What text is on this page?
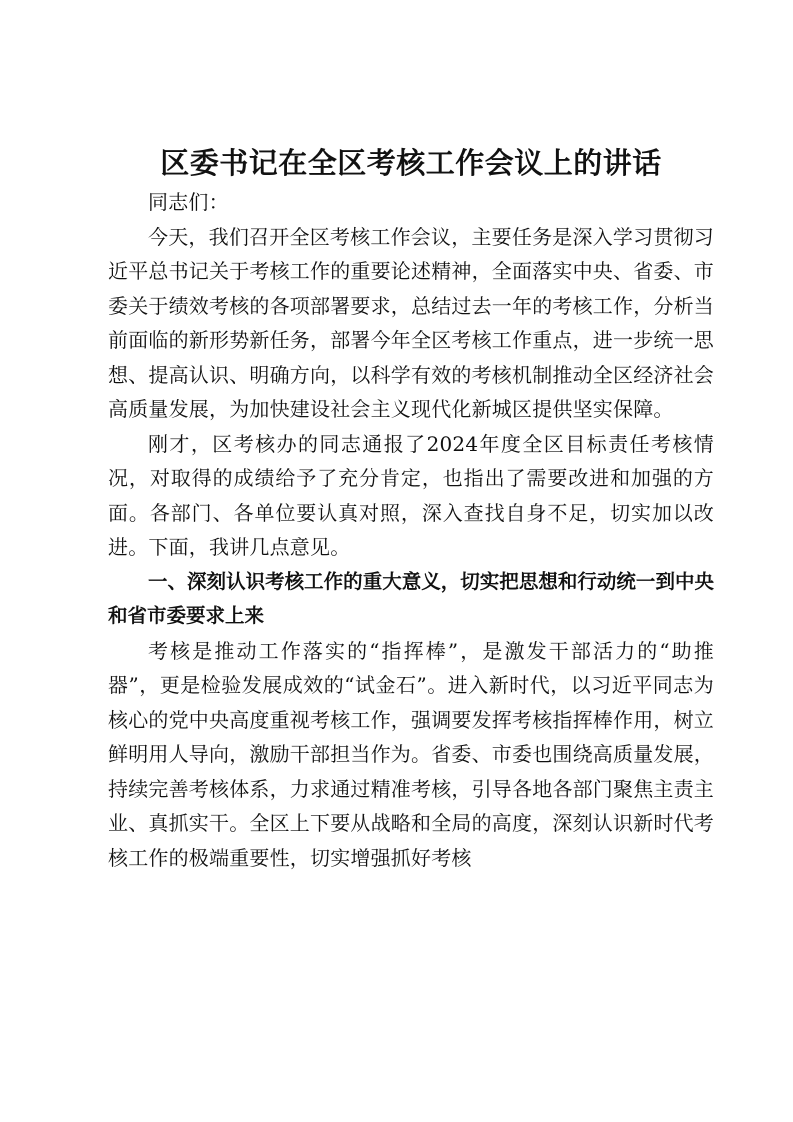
区委书记在全区考核工作会议上的讲话

同志们：

今天，我们召开全区考核工作会议，主要任务是深入学习贯彻习近平总书记关于考核工作的重要论述精神，全面落实中央、省委、市委关于绩效考核的各项部署要求，总结过去一年的考核工作，分析当前面临的新形势新任务，部署今年全区考核工作重点，进一步统一思想、提高认识、明确方向，以科学有效的考核机制推动全区经济社会高质量发展，为加快建设社会主义现代化新城区提供坚实保障。

刚才，区考核办的同志通报了2024年度全区目标责任考核情况，对取得的成绩给予了充分肯定，也指出了需要改进和加强的方面。各部门、各单位要认真对照，深入查找自身不足，切实加以改进。下面，我讲几点意见。

一、深刻认识考核工作的重大意义，切实把思想和行动统一到中央和省市委要求上来

考核是推动工作落实的“指挥棒”，是激发干部活力的“助推器”，更是检验发展成效的“试金石”。进入新时代，以习近平同志为核心的党中央高度重视考核工作，强调要发挥考核指挥棒作用，树立鲜明用人导向，激励干部担当作为。省委、市委也围绕高质量发展，持续完善考核体系，力求通过精准考核，引导各地各部门聚焦主责主业、真抓实干。全区上下要从战略和全局的高度，深刻认识新时代考核工作的极端重要性，切实增强抓好考核
